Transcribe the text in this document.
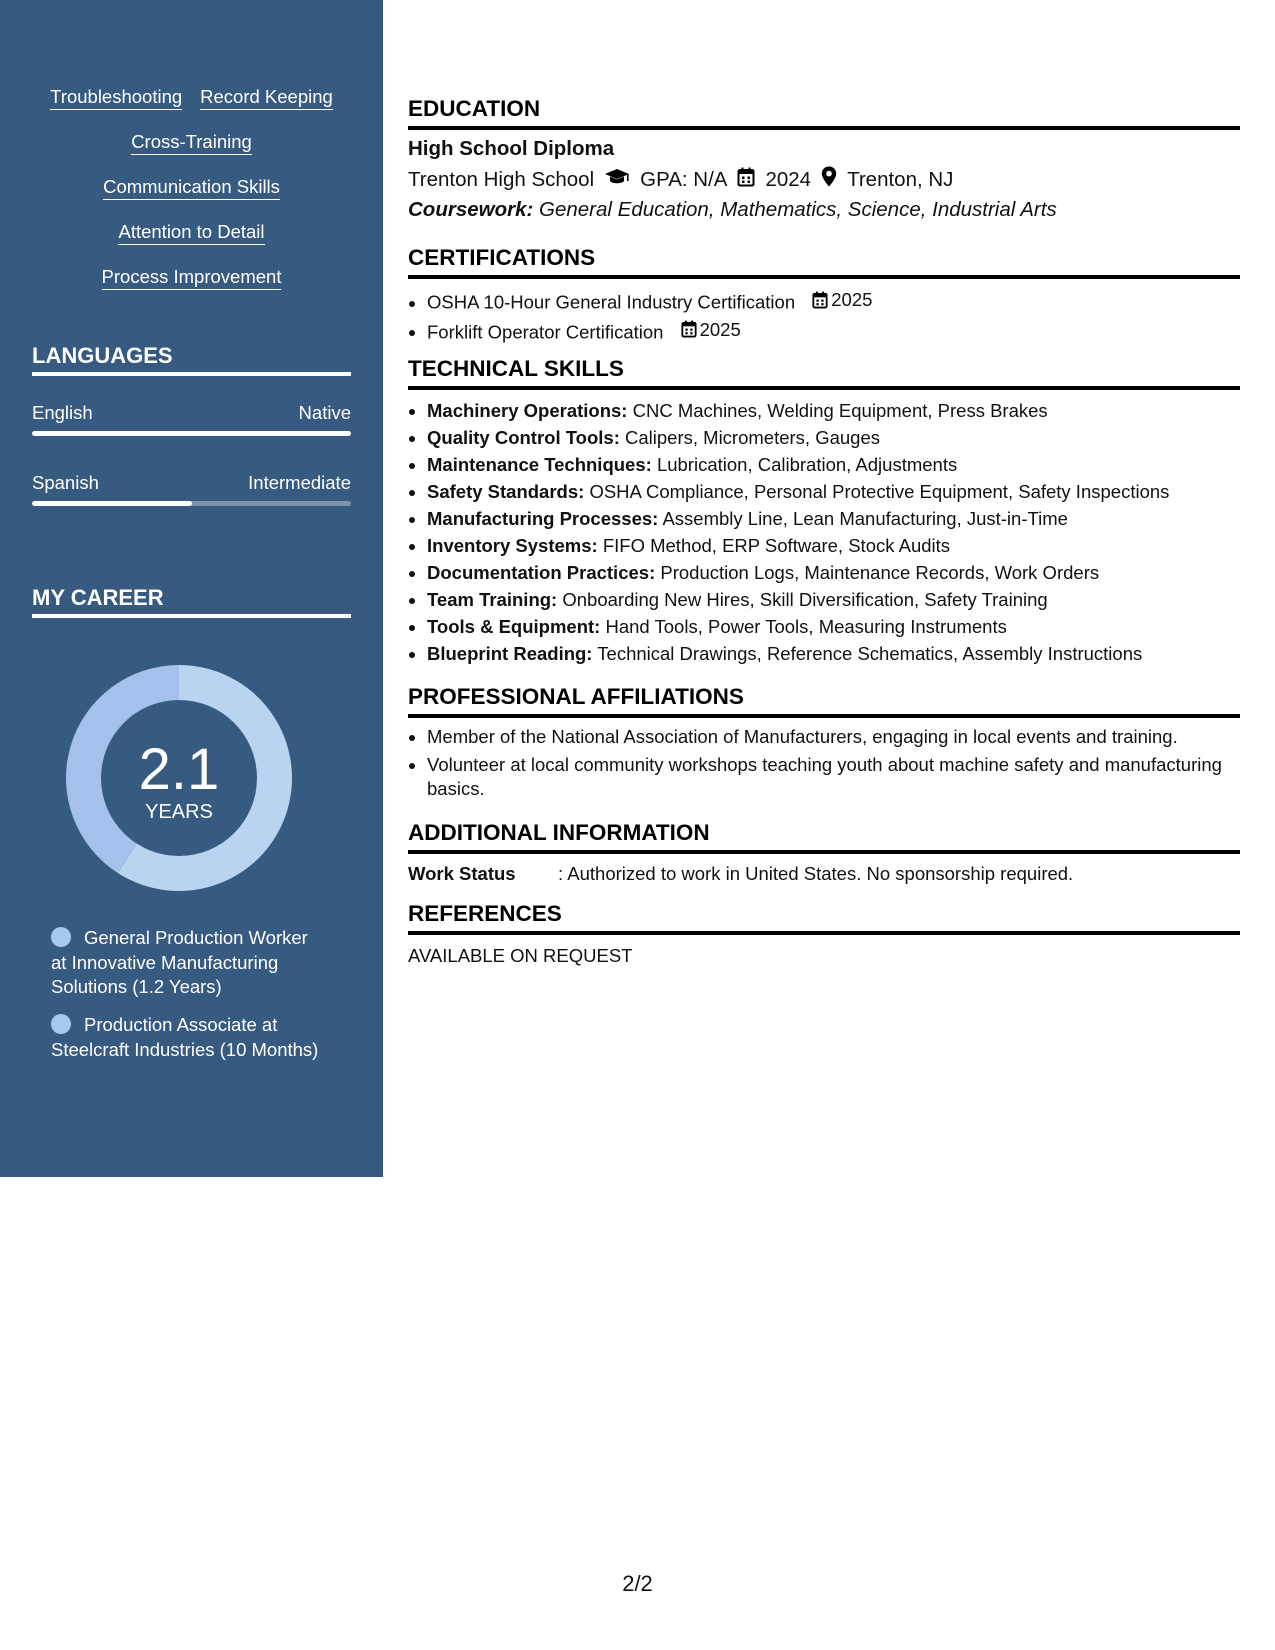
Troubleshooting Record Keeping
Cross-Training
Communication Skills
Attention to Detail
Process Improvement
LANGUAGES
English	Native
Spanish	Intermediate
MY CAREER
2.1
YEARS
General Production Worker at Innovative Manufacturing Solutions (1.2 Years)
Production Associate at Steelcraft Industries (10 Months)
EDUCATION
High School Diploma
Trenton High School GPA: N/A 2024 Trenton, NJ
Coursework: General Education, Mathematics, Science, Industrial Arts
CERTIFICATIONS
• OSHA 10-Hour General Industry Certification 2025
• Forklift Operator Certification 2025
TECHNICAL SKILLS
• Machinery Operations: CNC Machines, Welding Equipment, Press Brakes
• Quality Control Tools: Calipers, Micrometers, Gauges
• Maintenance Techniques: Lubrication, Calibration, Adjustments
• Safety Standards: OSHA Compliance, Personal Protective Equipment, Safety Inspections
• Manufacturing Processes: Assembly Line, Lean Manufacturing, Just-in-Time
• Inventory Systems: FIFO Method, ERP Software, Stock Audits
• Documentation Practices: Production Logs, Maintenance Records, Work Orders
• Team Training: Onboarding New Hires, Skill Diversification, Safety Training
• Tools & Equipment: Hand Tools, Power Tools, Measuring Instruments
• Blueprint Reading: Technical Drawings, Reference Schematics, Assembly Instructions
PROFESSIONAL AFFILIATIONS
• Member of the National Association of Manufacturers, engaging in local events and training.
• Volunteer at local community workshops teaching youth about machine safety and manufacturing basics.
ADDITIONAL INFORMATION
Work Status : Authorized to work in United States. No sponsorship required.
REFERENCES
AVAILABLE ON REQUEST
2/2
